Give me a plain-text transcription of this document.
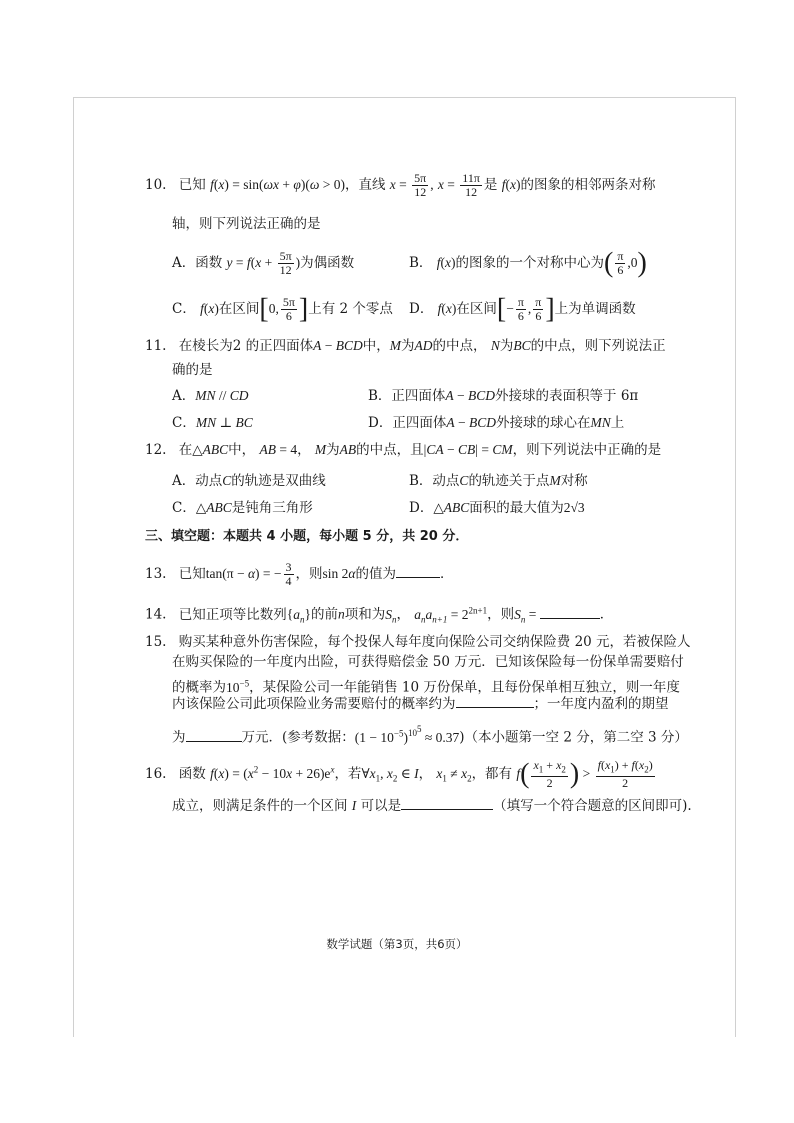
10. 已知 f(x) = sin(ωx + φ)(ω > 0)，直线 $x = \frac{5\pi}{12}$ , $x = \frac{11\pi}{12}$ 是 f(x)的图象的相邻两条对称
轴，则下列说法正确的是
A．函数 $y = f(x + \frac{5\pi}{12}$ )为偶函数	B． f(x)的图象的一个对称中心为( $\frac{\pi}{6} ,0$)
C． f(x)在区间[0, $\frac{5\pi}{6}$ ]上有 2 个零点 D． f(x)在区间[− $\frac{\pi}{6}$ , $\frac{\pi}{6}$ ]上为单调函数
11. 在棱长为2 的正四面体A − BCD中，M为AD的中点， N为BC的中点，则下列说法正
确的是
A．MN // CD	B．正四面体A − BCD外接球的表面积等于 6π
C．MN ⊥ BC	D．正四面体A − BCD外接球的球心在MN上
12. 在△ABC中， AB = 4， M为AB的中点，且|CA − CB| = CM，则下列说法中正确的是
A．动点C的轨迹是双曲线	B．动点C的轨迹关于点M对称
C．△ABC是钝角三角形	D．△ABC面积的最大值为2√3
三、填空题：本题共 4 小题，每小题 5 分，共 20 分．
13. 已知tan(π − α) = − $\frac{3}{4}$ ，则sin 2α的值为	．
14. 已知正项等比数列$\{a_n\}$的前n项和为$S_n$， $a_na_{n+1} = 2^{2n+1}$，则$S_n$ =	．
15. 购买某种意外伤害保险，每个投保人每年度向保险公司交纳保险费 20 元，若被保险人
在购买保险的一年度内出险，可获得赔偿金 50 万元．已知该保险每一份保单需要赔付
的概率为$10^{-5}$，某保险公司一年能销售 10 万份保单，且每份保单相互独立，则一年度
内该保险公司此项保险业务需要赔付的概率约为	；一年度内盈利的期望
为	万元．(参考数据：$(1 - 10^{-5})^{10^5} \approx 0.37$)（本小题第一空 2 分，第二空 3 分）
16. 函数 $f(x) = (x^2 - 10x + 26)e^x$，若$\forall x_1$, $x_2$ ∈ I， $x_1 \ne x_2$，都有 $f( \frac{x_1 + x_2}{2}$ ) > $\frac{f(x_1) + f(x_2)}{2}$
成立，则满足条件的一个区间 I 可以是	（填写一个符合题意的区间即可).
数学试题（第3页，共6页）
